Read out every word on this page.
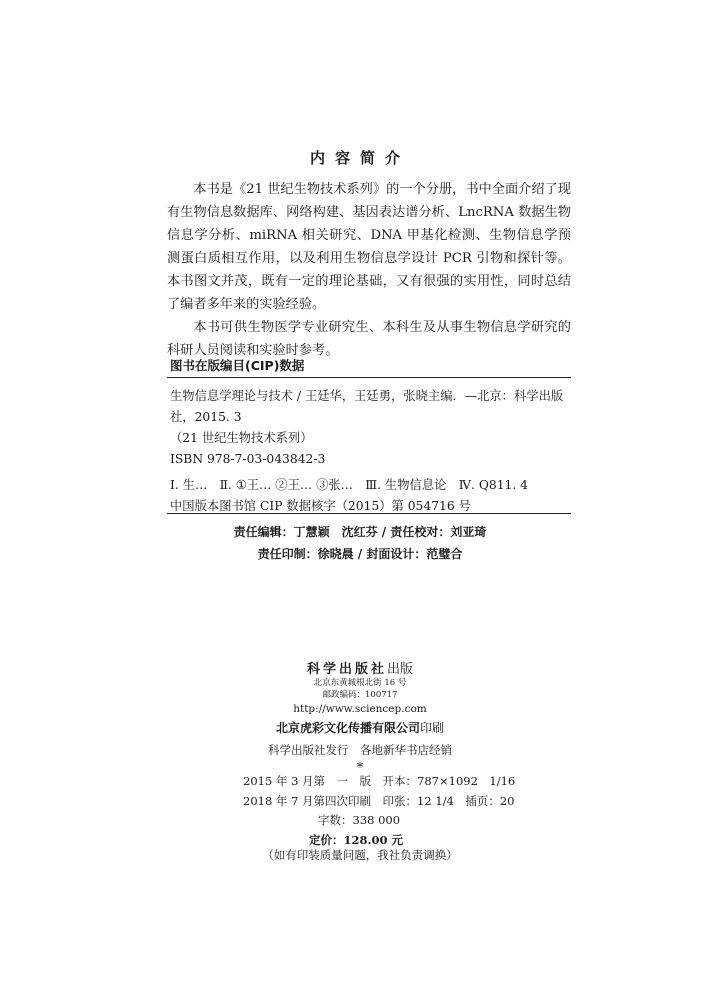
内容简介

本书是《21 世纪生物技术系列》的一个分册，书中全面介绍了现有生物信息数据库、网络构建、基因表达谱分析、LncRNA 数据生物信息学分析、miRNA 相关研究、DNA 甲基化检测、生物信息学预测蛋白质相互作用，以及利用生物信息学设计 PCR 引物和探针等。本书图文并茂，既有一定的理论基础，又有很强的实用性，同时总结了编者多年来的实验经验。

本书可供生物医学专业研究生、本科生及从事生物信息学研究的科研人员阅读和实验时参考。

图书在版编目(CIP)数据
生物信息学理论与技术 / 王廷华，王廷勇，张晓主编．—北京：科学出版社，2015. 3
（21 世纪生物技术系列）
ISBN 978-7-03-043842-3
Ⅰ. 生…　Ⅱ. ①王… ②王… ③张…　Ⅲ. 生物信息论　Ⅳ. Q811. 4
中国版本图书馆 CIP 数据核字（2015）第 054716 号
责任编辑：丁慧颖　沈红芬 / 责任校对：刘亚琦
责任印制：徐晓晨 / 封面设计：范璧合
科学出版社出版
北京东黄城根北街 16 号
邮政编码：100717
http://www.sciencep.com
北京虎彩文化传播有限公司印刷
科学出版社发行　各地新华书店经销
*
2015 年 3 月第　一　版　开本：787×1092　1/16
2018 年 7 月第四次印刷　印张：12 1/4　插页：20
字数：338 000
定价：128.00 元
（如有印装质量问题，我社负责调换）
